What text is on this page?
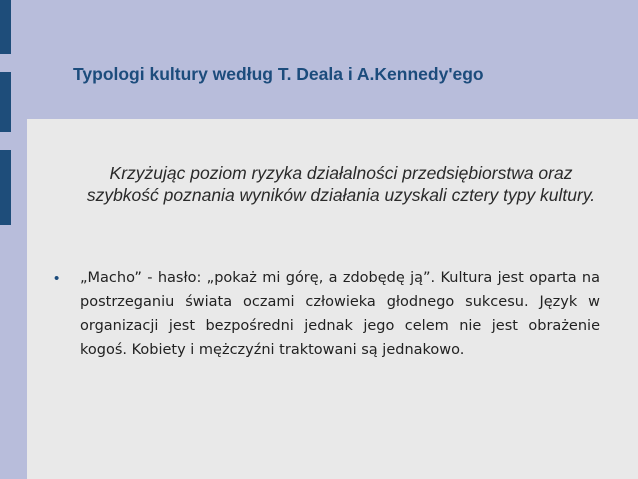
Typologi kultury według T. Deala i A.Kennedy'ego
Krzyżując poziom ryzyka działalności przedsiębiorstwa oraz szybkość poznania wyników działania uzyskali cztery typy kultury.
• „Macho” - hasło: „pokaż mi górę, a zdobędę ją”. Kultura jest oparta na postrzeganiu świata oczami człowieka głodnego sukcesu. Język w organizacji jest bezpośredni jednak jego celem nie jest obrażenie kogoś. Kobiety i mężczyźni traktowani są jednakowo.
